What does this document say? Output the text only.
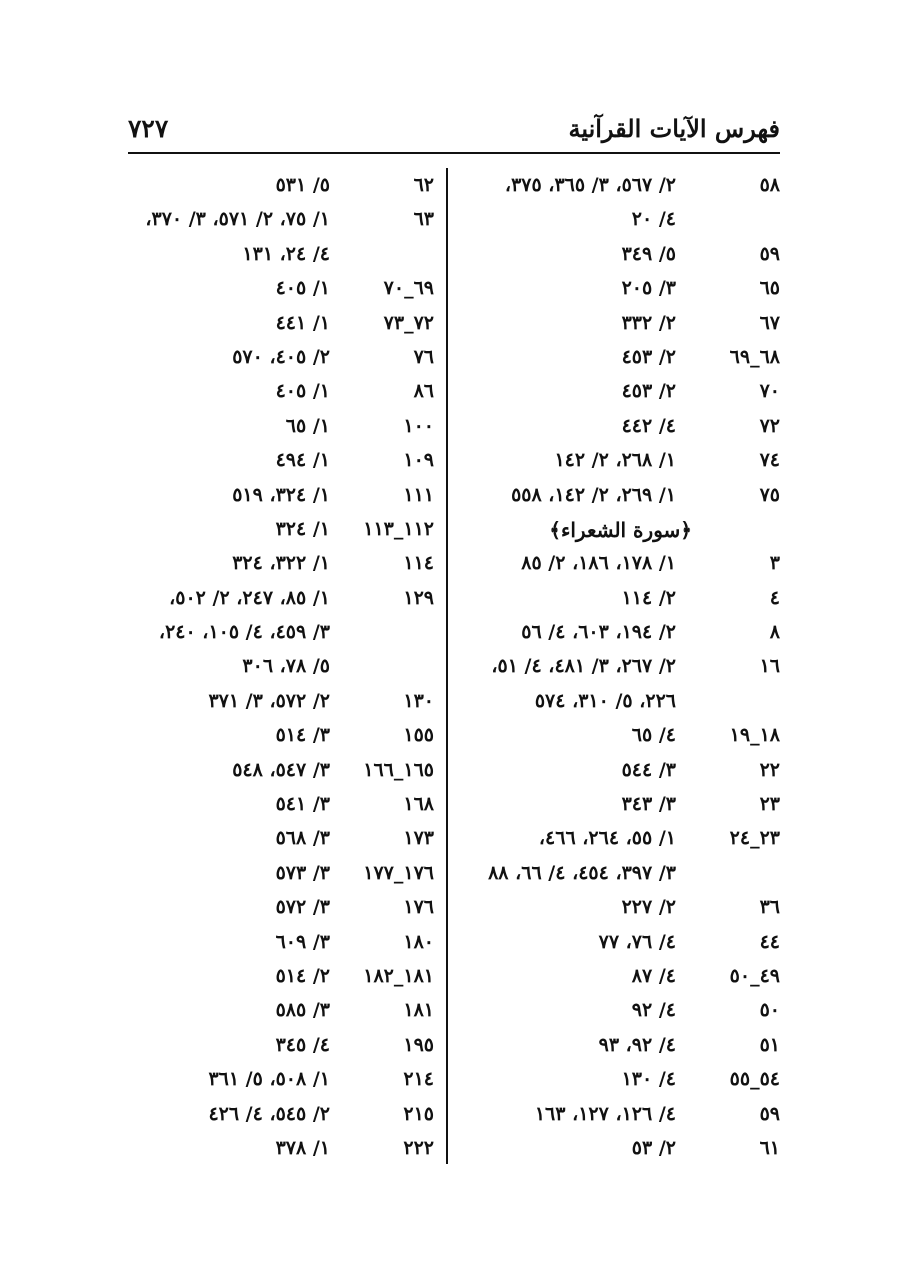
فهرس الآيات القرآنية
٧٢٧
٥٨
٢/ ٥٦٧، ٣/ ٣٦٥، ٣٧٥،
٤/ ٢٠
٥٩
٥/ ٣٤٩
٦٥
٣/ ٢٠٥
٦٧
٢/ ٣٣٢
٦٨_٦٩
٢/ ٤٥٣
٧٠
٢/ ٤٥٣
٧٢
٤/ ٤٤٢
٧٤
١/ ٢٦٨، ٢/ ١٤٢
٧٥
١/ ٢٦٩، ٢/ ١٤٢، ٥٥٨
﴿سورة الشعراء﴾
٣
١/ ١٧٨، ١٨٦، ٢/ ٨٥
٤
٢/ ١١٤
٨
٢/ ١٩٤، ٦٠٣، ٤/ ٥٦
١٦
٢/ ٢٦٧، ٣/ ٤٨١، ٤/ ٥١،
٢٢٦، ٥/ ٣١٠، ٥٧٤
١٨_١٩
٤/ ٦٥
٢٢
٣/ ٥٤٤
٢٣
٣/ ٣٤٣
٢٣_٢٤
١/ ٥٥، ٢٦٤، ٤٦٦،
٣/ ٣٩٧، ٤٥٤، ٤/ ٦٦، ٨٨
٣٦
٢/ ٢٢٧
٤٤
٤/ ٧٦، ٧٧
٤٩_٥٠
٤/ ٨٧
٥٠
٤/ ٩٢
٥١
٤/ ٩٢، ٩٣
٥٤_٥٥
٤/ ١٣٠
٥٩
٤/ ١٢٦، ١٢٧، ١٦٣
٦١
٢/ ٥٣
٦٢
٥/ ٥٣١
٦٣
١/ ٧٥، ٢/ ٥٧١، ٣/ ٣٧٠،
٤/ ٢٤، ١٣١
٦٩_٧٠
١/ ٤٠٥
٧٢_٧٣
١/ ٤٤١
٧٦
٢/ ٤٠٥، ٥٧٠
٨٦
١/ ٤٠٥
١٠٠
١/ ٦٥
١٠٩
١/ ٤٩٤
١١١
١/ ٣٢٤، ٥١٩
١١٢_١١٣
١/ ٣٢٤
١١٤
١/ ٣٢٢، ٣٢٤
١٢٩
١/ ٨٥، ٢٤٧، ٢/ ٥٠٢،
٣/ ٤٥٩، ٤/ ١٠٥، ٢٤٠،
٥/ ٧٨، ٣٠٦
١٣٠
٢/ ٥٧٢، ٣/ ٣٧١
١٥٥
٣/ ٥١٤
١٦٥_١٦٦
٣/ ٥٤٧، ٥٤٨
١٦٨
٣/ ٥٤١
١٧٣
٣/ ٥٦٨
١٧٦_١٧٧
٣/ ٥٧٣
١٧٦
٣/ ٥٧٢
١٨٠
٣/ ٦٠٩
١٨١_١٨٢
٢/ ٥١٤
١٨١
٣/ ٥٨٥
١٩٥
٤/ ٣٤٥
٢١٤
١/ ٥٠٨، ٥/ ٣٦١
٢١٥
٢/ ٥٤٥، ٤/ ٤٢٦
٢٢٢
١/ ٣٧٨
